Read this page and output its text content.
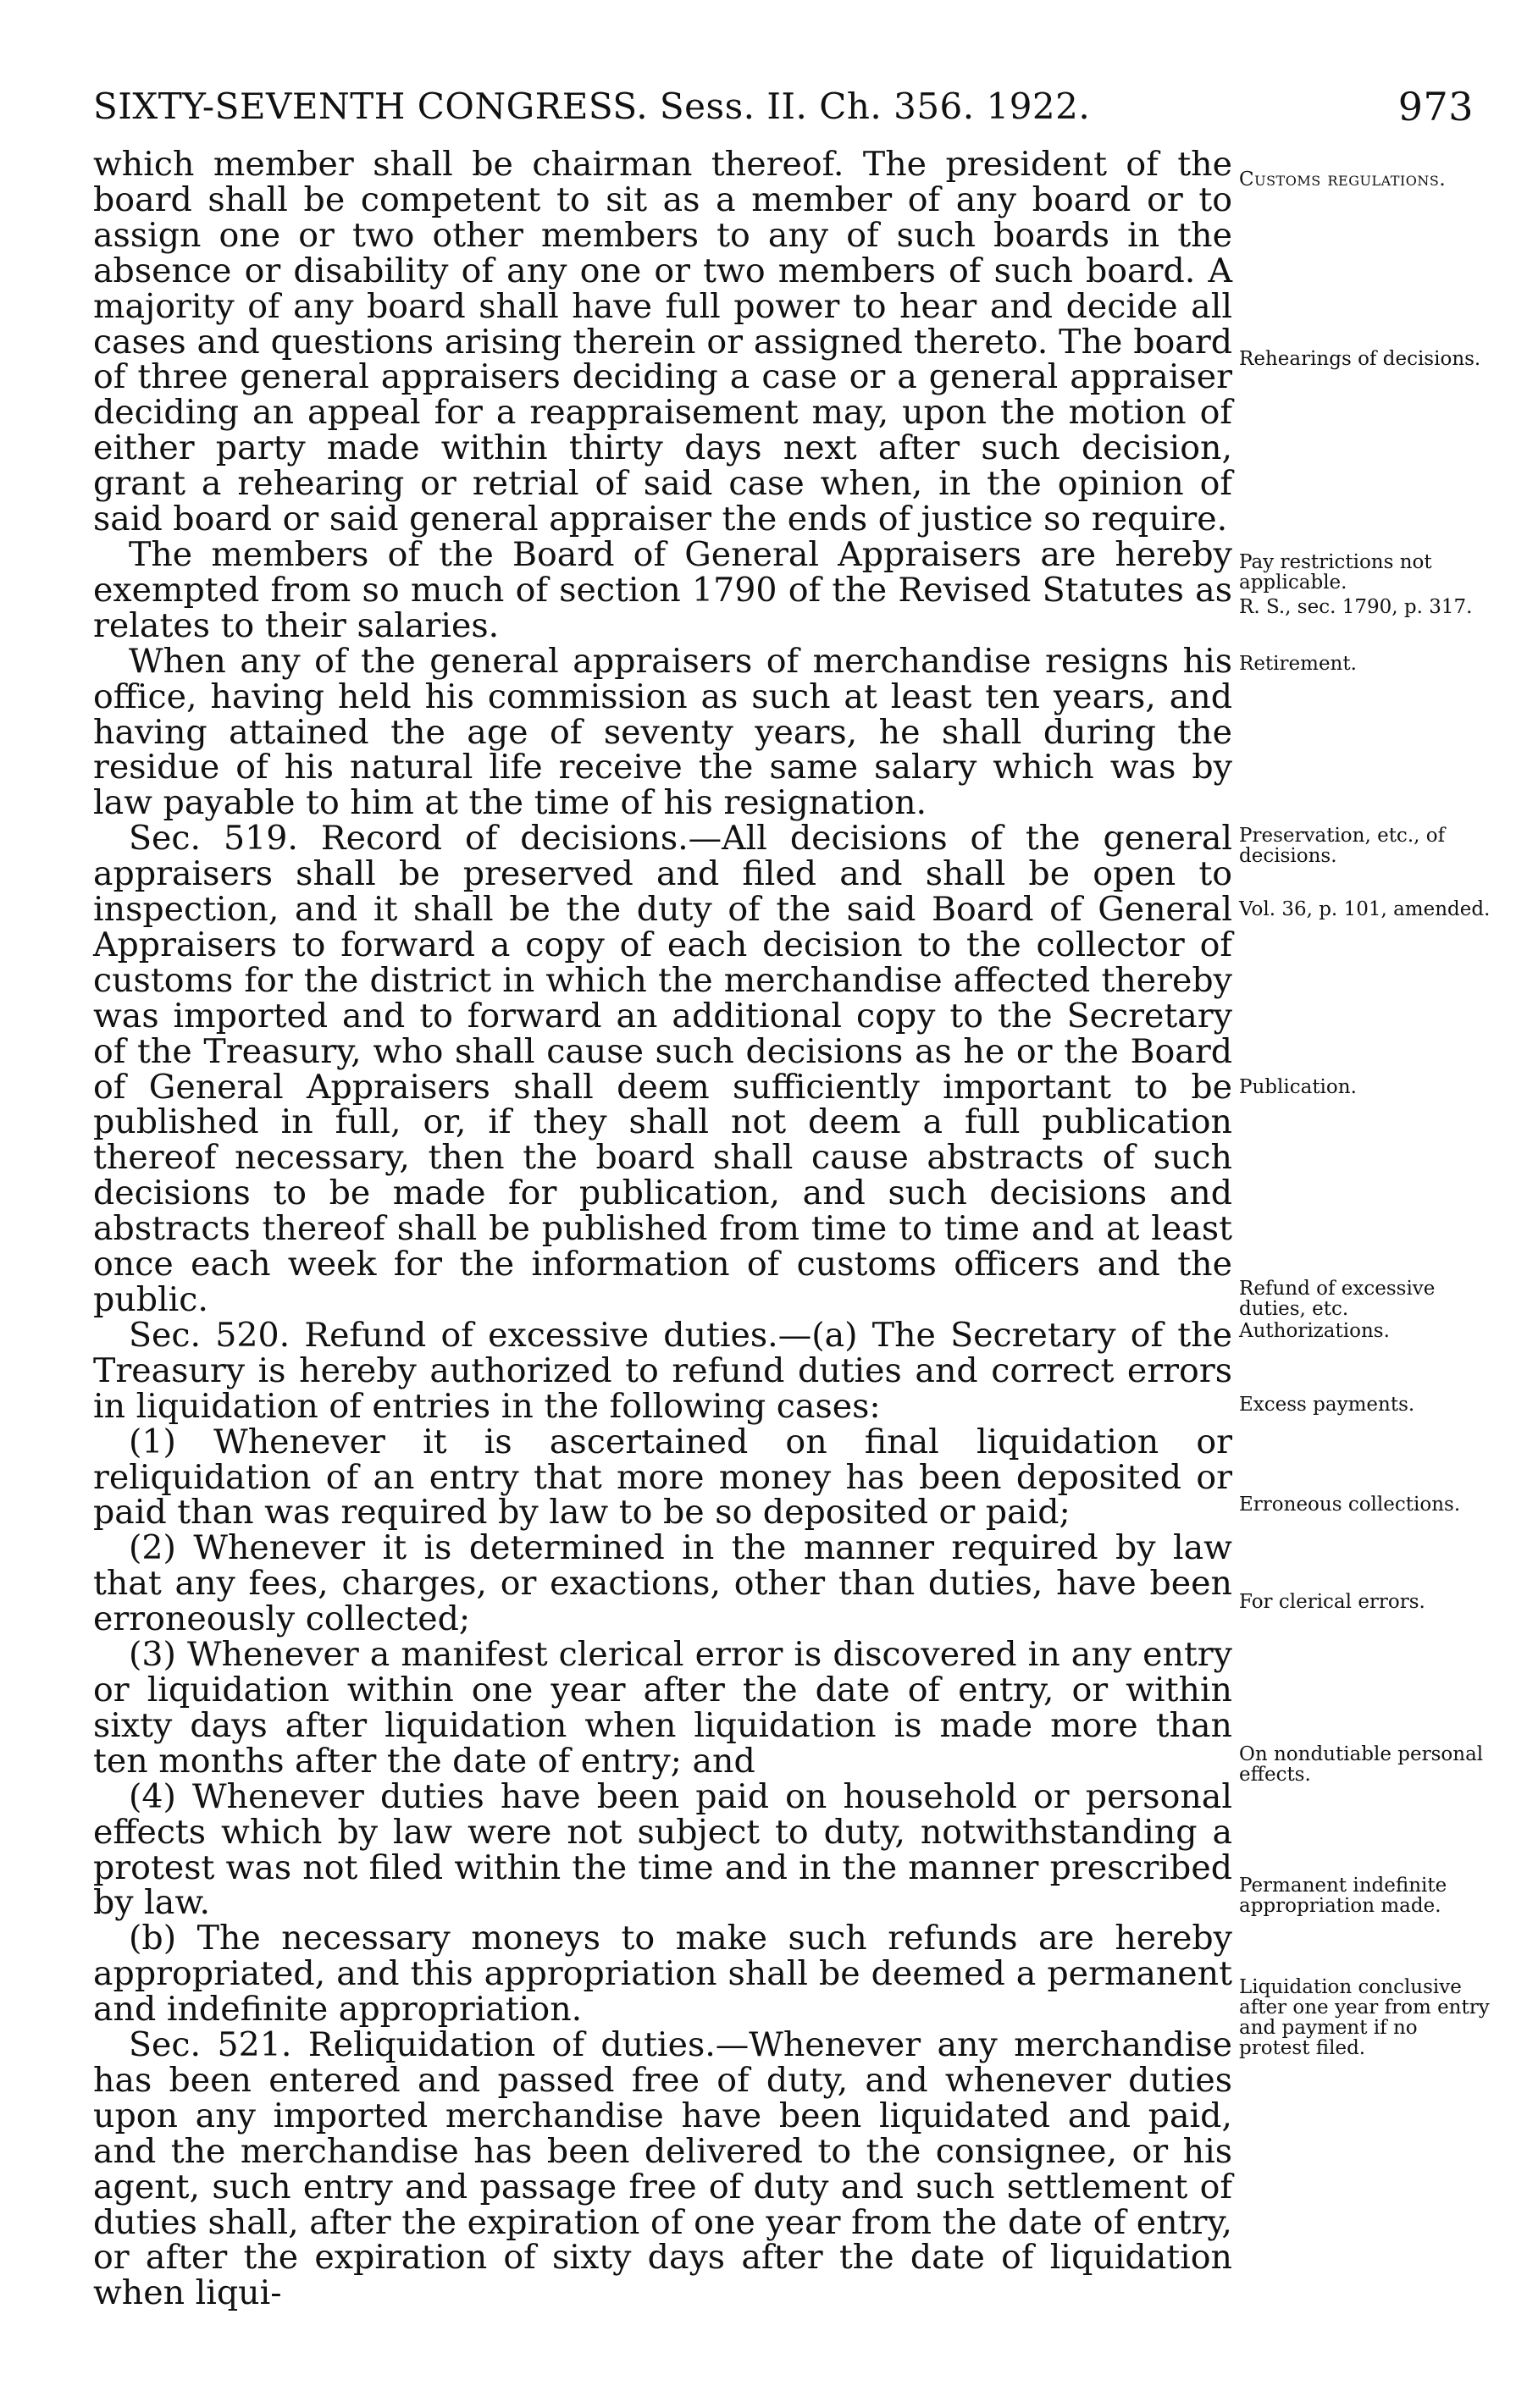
SIXTY-SEVENTH CONGRESS. Sess. II. Ch. 356. 1922.	973

which member shall be chairman thereof. The president of the board shall be competent to sit as a member of any board or to assign one or two other members to any of such boards in the absence or disability of any one or two members of such board. A majority of any board shall have full power to hear and decide all cases and questions arising therein or assigned thereto. The board of three general appraisers deciding a case or a general appraiser deciding an appeal for a reappraisement may, upon the motion of either party made within thirty days next after such decision, grant a rehearing or retrial of said case when, in the opinion of said board or said general appraiser the ends of justice so require.

The members of the Board of General Appraisers are hereby exempted from so much of section 1790 of the Revised Statutes as relates to their salaries.

When any of the general appraisers of merchandise resigns his office, having held his commission as such at least ten years, and having attained the age of seventy years, he shall during the residue of his natural life receive the same salary which was by law payable to him at the time of his resignation.

Sec. 519. Record of decisions.—All decisions of the general appraisers shall be preserved and filed and shall be open to inspection, and it shall be the duty of the said Board of General Appraisers to forward a copy of each decision to the collector of customs for the district in which the merchandise affected thereby was imported and to forward an additional copy to the Secretary of the Treasury, who shall cause such decisions as he or the Board of General Appraisers shall deem sufficiently important to be published in full, or, if they shall not deem a full publication thereof necessary, then the board shall cause abstracts of such decisions to be made for publication, and such decisions and abstracts thereof shall be published from time to time and at least once each week for the information of customs officers and the public.

Sec. 520. Refund of excessive duties.—(a) The Secretary of the Treasury is hereby authorized to refund duties and correct errors in liquidation of entries in the following cases:

(1) Whenever it is ascertained on final liquidation or reliquidation of an entry that more money has been deposited or paid than was required by law to be so deposited or paid;

(2) Whenever it is determined in the manner required by law that any fees, charges, or exactions, other than duties, have been erroneously collected;

(3) Whenever a manifest clerical error is discovered in any entry or liquidation within one year after the date of entry, or within sixty days after liquidation when liquidation is made more than ten months after the date of entry; and

(4) Whenever duties have been paid on household or personal effects which by law were not subject to duty, notwithstanding a protest was not filed within the time and in the manner prescribed by law.

(b) The necessary moneys to make such refunds are hereby appropriated, and this appropriation shall be deemed a permanent and indefinite appropriation.

Sec. 521. Reliquidation of duties.—Whenever any merchandise has been entered and passed free of duty, and whenever duties upon any imported merchandise have been liquidated and paid, and the merchandise has been delivered to the consignee, or his agent, such entry and passage free of duty and such settlement of duties shall, after the expiration of one year from the date of entry, or after the expiration of sixty days after the date of liquidation when liqui-

Customs regulations.
Rehearings of decisions.
Pay restrictions not applicable.
R. S., sec. 1790, p. 317.
Retirement.
Preservation, etc., of decisions.
Vol. 36, p. 101, amended.
Publication.
Refund of excessive duties, etc.
Authorizations.
Excess payments.
Erroneous collections.
For clerical errors.
On nondutiable personal effects.
Permanent indefinite appropriation made.
Liquidation conclusive after one year from entry and payment if no protest filed.
